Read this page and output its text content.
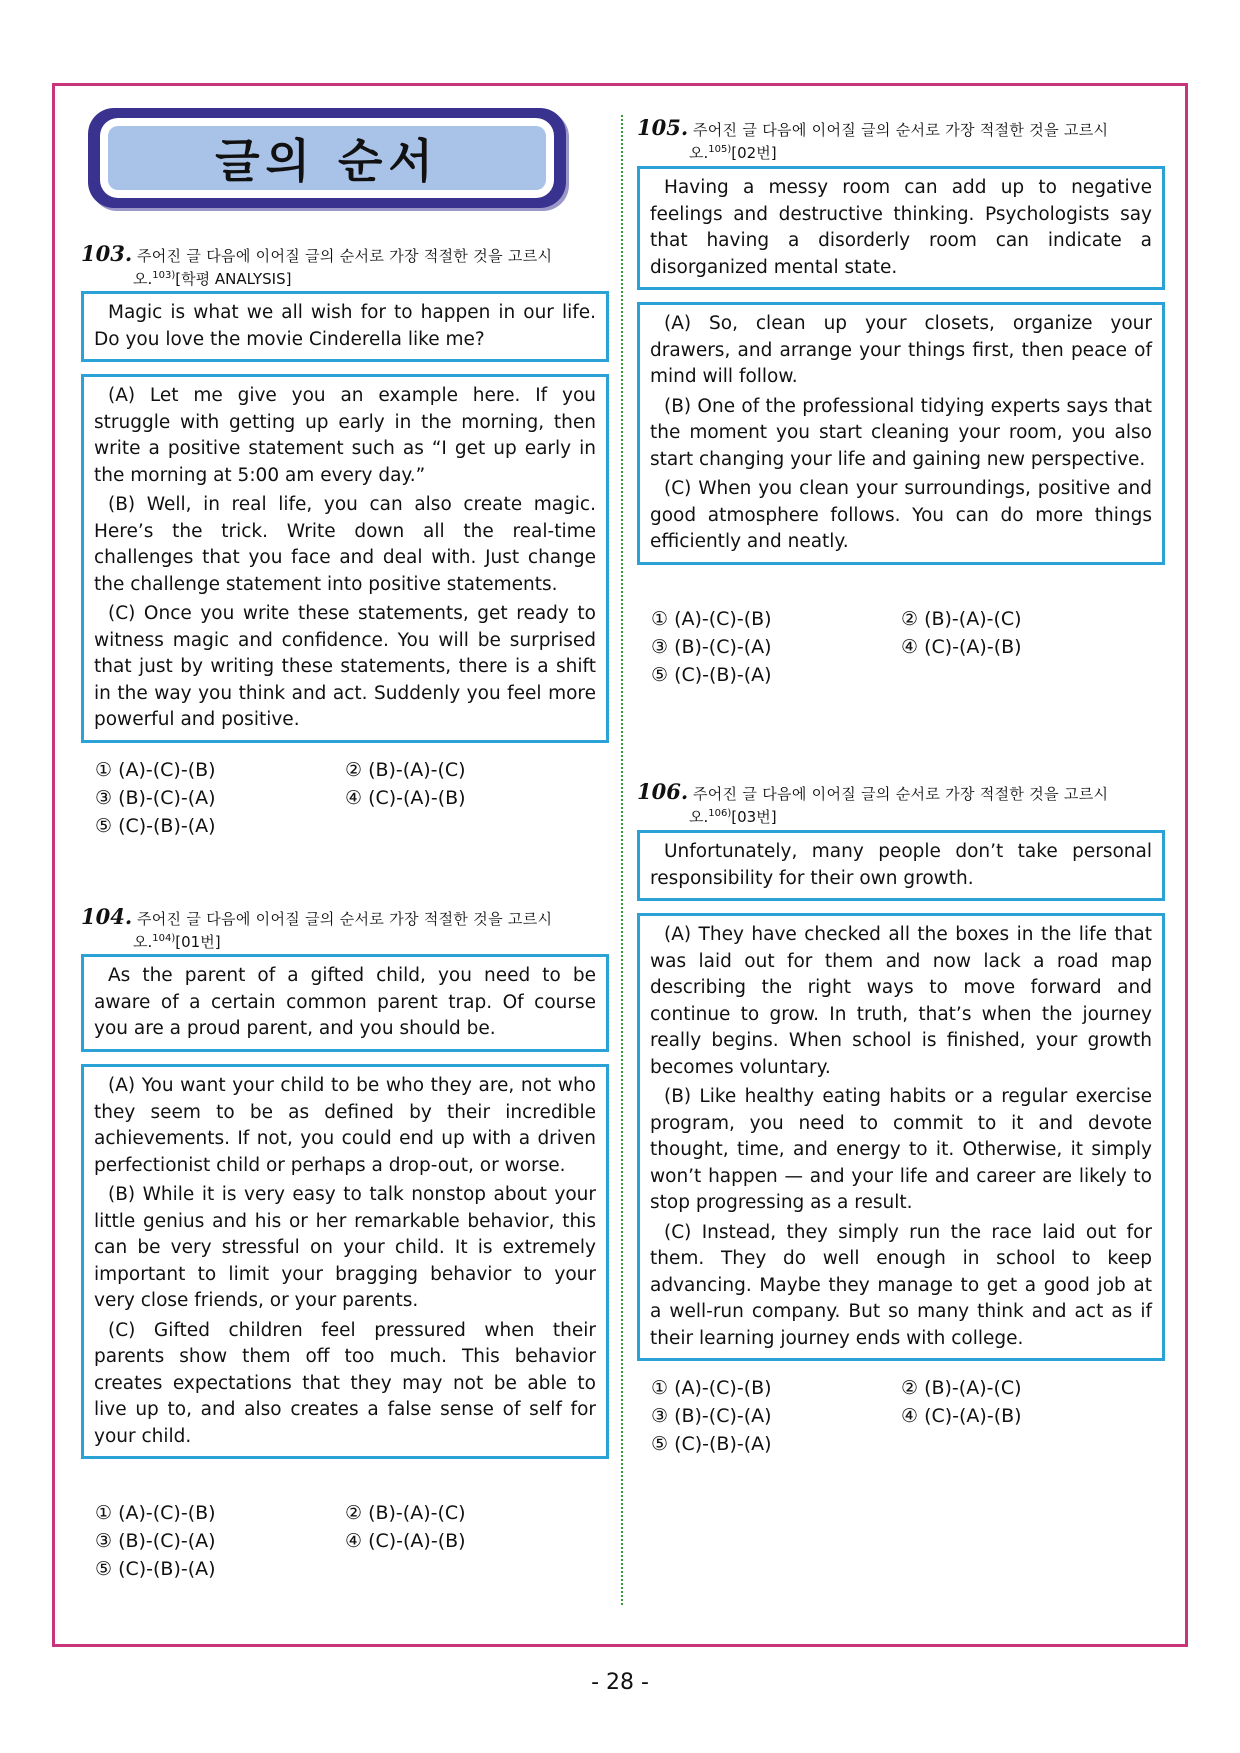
글의 순서
103. 주어진 글 다음에 이어질 글의 순서로 가장 적절한 것을 고르시
오.$^{103)}$[학평 ANALYSIS]

Magic is what we all wish for to happen in our life. Do you love the movie Cinderella like me?

(A) Let me give you an example here. If you struggle with getting up early in the morning, then write a positive statement such as “I get up early in the morning at 5:00 am every day.”

(B) Well, in real life, you can also create magic. Here’s the trick. Write down all the real-time challenges that you face and deal with. Just change the challenge statement into positive statements.

(C) Once you write these statements, get ready to witness magic and confidence. You will be surprised that just by writing these statements, there is a shift in the way you think and act. Suddenly you feel more powerful and positive.

① (A)-(C)-(B)	② (B)-(A)-(C)
③ (B)-(C)-(A)	④ (C)-(A)-(B)
⑤ (C)-(B)-(A)
104. 주어진 글 다음에 이어질 글의 순서로 가장 적절한 것을 고르시
오.$^{104)}$[01번]

As the parent of a gifted child, you need to be aware of a certain common parent trap. Of course you are a proud parent, and you should be.

(A) You want your child to be who they are, not who they seem to be as defined by their incredible achievements. If not, you could end up with a driven perfectionist child or perhaps a drop-out, or worse.

(B) While it is very easy to talk nonstop about your little genius and his or her remarkable behavior, this can be very stressful on your child. It is extremely important to limit your bragging behavior to your very close friends, or your parents.

(C) Gifted children feel pressured when their parents show them off too much. This behavior creates expectations that they may not be able to live up to, and also creates a false sense of self for your child.

① (A)-(C)-(B)	② (B)-(A)-(C)
③ (B)-(C)-(A)	④ (C)-(A)-(B)
⑤ (C)-(B)-(A)
105. 주어진 글 다음에 이어질 글의 순서로 가장 적절한 것을 고르시
오.$^{105)}$[02번]

Having a messy room can add up to negative feelings and destructive thinking. Psychologists say that having a disorderly room can indicate a disorganized mental state.

(A) So, clean up your closets, organize your drawers, and arrange your things first, then peace of mind will follow.

(B) One of the professional tidying experts says that the moment you start cleaning your room, you also start changing your life and gaining new perspective.

(C) When you clean your surroundings, positive and good atmosphere follows. You can do more things efficiently and neatly.

① (A)-(C)-(B)	② (B)-(A)-(C)
③ (B)-(C)-(A)	④ (C)-(A)-(B)
⑤ (C)-(B)-(A)
106. 주어진 글 다음에 이어질 글의 순서로 가장 적절한 것을 고르시
오.$^{106)}$[03번]

Unfortunately, many people don’t take personal responsibility for their own growth.

(A) They have checked all the boxes in the life that was laid out for them and now lack a road map describing the right ways to move forward and continue to grow. In truth, that’s when the journey really begins. When school is finished, your growth becomes voluntary.

(B) Like healthy eating habits or a regular exercise program, you need to commit to it and devote thought, time, and energy to it. Otherwise, it simply won’t happen — and your life and career are likely to stop progressing as a result.

(C) Instead, they simply run the race laid out for them. They do well enough in school to keep advancing. Maybe they manage to get a good job at a well-run company. But so many think and act as if their learning journey ends with college.

① (A)-(C)-(B)	② (B)-(A)-(C)
③ (B)-(C)-(A)	④ (C)-(A)-(B)
⑤ (C)-(B)-(A)
- 28 -
